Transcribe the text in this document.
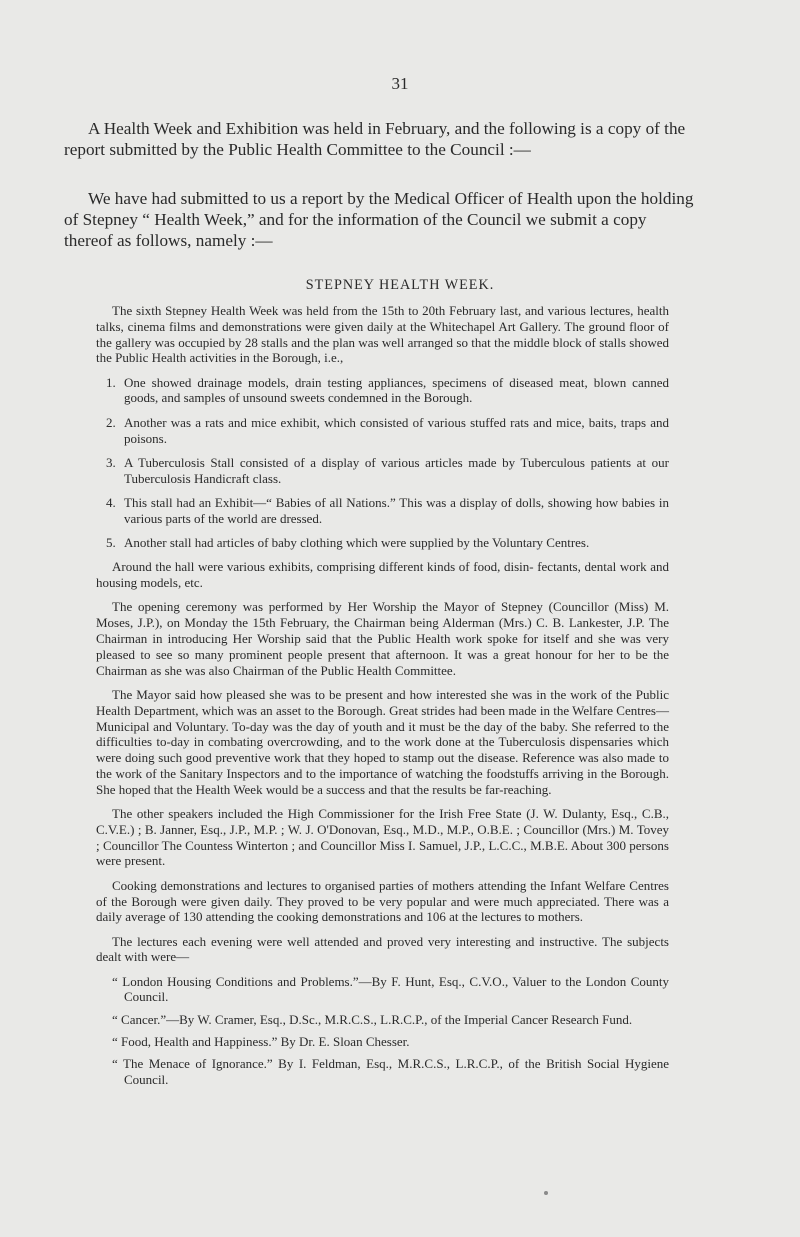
31

A Health Week and Exhibition was held in February, and the following is a copy of the report submitted by the Public Health Committee to the Council :—

We have had submitted to us a report by the Medical Officer of Health upon the holding of Stepney “ Health Week,” and for the information of the Council we submit a copy thereof as follows, namely :—

STEPNEY HEALTH WEEK.

The sixth Stepney Health Week was held from the 15th to 20th February last, and various lectures, health talks, cinema films and demonstrations were given daily at the Whitechapel Art Gallery. The ground floor of the gallery was occupied by 28 stalls and the plan was well arranged so that the middle block of stalls showed the Public Health activities in the Borough, i.e.,

1. One showed drainage models, drain testing appliances, specimens of diseased meat, blown canned goods, and samples of unsound sweets condemned in the Borough.
2. Another was a rats and mice exhibit, which consisted of various stuffed rats and mice, baits, traps and poisons.
3. A Tuberculosis Stall consisted of a display of various articles made by Tuberculous patients at our Tuberculosis Handicraft class.
4. This stall had an Exhibit—“ Babies of all Nations.” This was a display of dolls, showing how babies in various parts of the world are dressed.
5. Another stall had articles of baby clothing which were supplied by the Voluntary Centres.

Around the hall were various exhibits, comprising different kinds of food, disin- fectants, dental work and housing models, etc.

The opening ceremony was performed by Her Worship the Mayor of Stepney (Councillor (Miss) M. Moses, J.P.), on Monday the 15th February, the Chairman being Alderman (Mrs.) C. B. Lankester, J.P. The Chairman in introducing Her Worship said that the Public Health work spoke for itself and she was very pleased to see so many prominent people present that afternoon. It was a great honour for her to be the Chairman as she was also Chairman of the Public Health Committee.

The Mayor said how pleased she was to be present and how interested she was in the work of the Public Health Department, which was an asset to the Borough. Great strides had been made in the Welfare Centres—Municipal and Voluntary. To-day was the day of youth and it must be the day of the baby. She referred to the difficulties to-day in combating overcrowding, and to the work done at the Tuberculosis dispensaries which were doing such good preventive work that they hoped to stamp out the disease. Reference was also made to the work of the Sanitary Inspectors and to the importance of watching the foodstuffs arriving in the Borough. She hoped that the Health Week would be a success and that the results be far-reaching.

The other speakers included the High Commissioner for the Irish Free State (J. W. Dulanty, Esq., C.B., C.V.E.) ; B. Janner, Esq., J.P., M.P. ; W. J. O'Donovan, Esq., M.D., M.P., O.B.E. ; Councillor (Mrs.) M. Tovey ; Councillor The Countess Winterton ; and Councillor Miss I. Samuel, J.P., L.C.C., M.B.E. About 300 persons were present.

Cooking demonstrations and lectures to organised parties of mothers attending the Infant Welfare Centres of the Borough were given daily. They proved to be very popular and were much appreciated. There was a daily average of 130 attending the cooking demonstrations and 106 at the lectures to mothers.

The lectures each evening were well attended and proved very interesting and instructive. The subjects dealt with were—

“ London Housing Conditions and Problems.”—By F. Hunt, Esq., C.V.O., Valuer to the London County Council.
“ Cancer.”—By W. Cramer, Esq., D.Sc., M.R.C.S., L.R.C.P., of the Imperial Cancer Research Fund.
“ Food, Health and Happiness.” By Dr. E. Sloan Chesser.
“ The Menace of Ignorance.” By I. Feldman, Esq., M.R.C.S., L.R.C.P., of the British Social Hygiene Council.
